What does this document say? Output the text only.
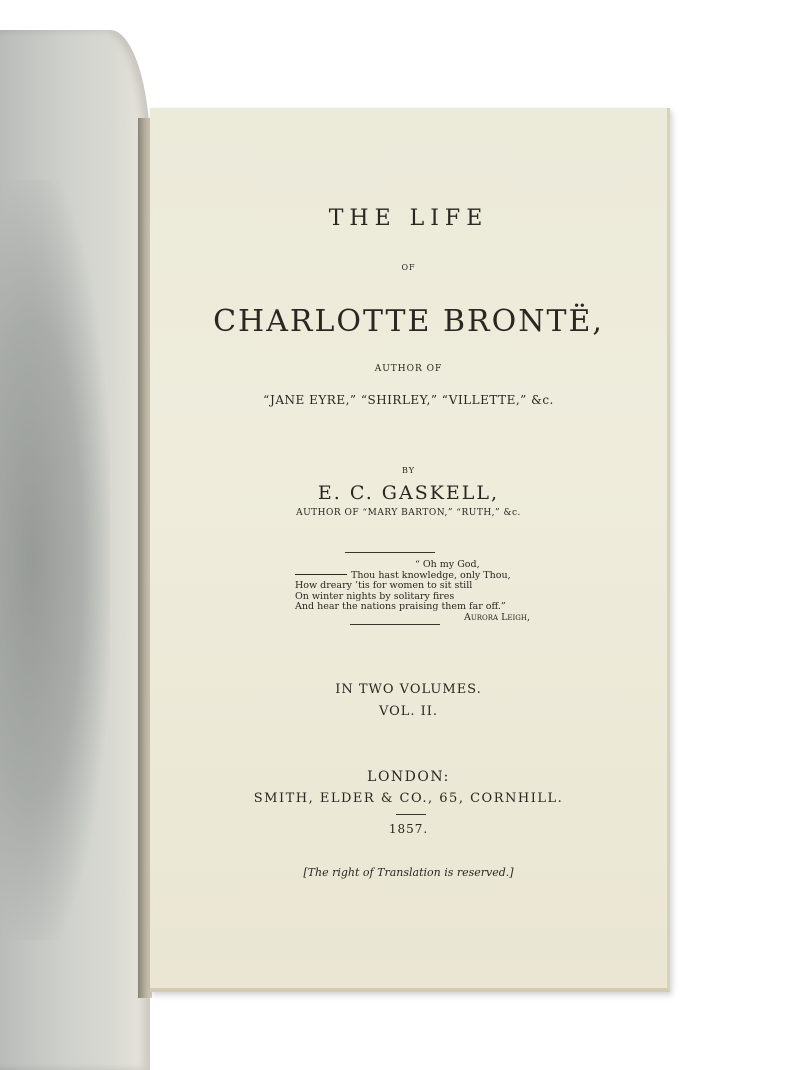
THE LIFE
OF
CHARLOTTE BRONTË,
AUTHOR OF
“JANE EYRE,” “SHIRLEY,” “VILLETTE,” &c.
BY
E. C. GASKELL,
AUTHOR OF “MARY BARTON,” “RUTH,” &c.
“ Oh my God,
Thou hast knowledge, only Thou,
How dreary ’tis for women to sit still
On winter nights by solitary fires
And hear the nations praising them far off.”
Aurora Leigh,
IN TWO VOLUMES.
VOL. II.
LONDON:
SMITH, ELDER & CO., 65, CORNHILL.
1857.
[The right of Translation is reserved.]
